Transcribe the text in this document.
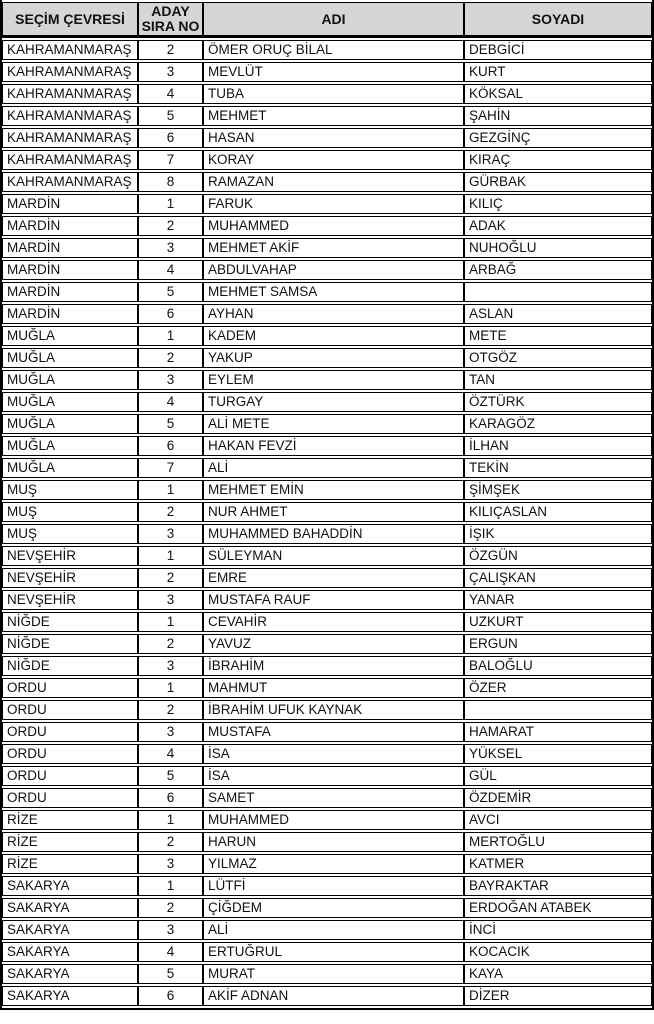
SEÇİM ÇEVRESİ	ADAY SIRA NO	ADI	SOYADI
KAHRAMANMARAŞ	2	ÖMER ORUÇ BİLAL	DEBGİCİ
KAHRAMANMARAŞ	3	MEVLÜT	KURT
KAHRAMANMARAŞ	4	TUBA	KÖKSAL
KAHRAMANMARAŞ	5	MEHMET	ŞAHİN
KAHRAMANMARAŞ	6	HASAN	GEZGİNÇ
KAHRAMANMARAŞ	7	KORAY	KIRAÇ
KAHRAMANMARAŞ	8	RAMAZAN	GÜRBAK
MARDİN	1	FARUK	KILIÇ
MARDİN	2	MUHAMMED	ADAK
MARDİN	3	MEHMET AKİF	NUHOĞLU
MARDİN	4	ABDULVAHAP	ARBAĞ
MARDİN	5	MEHMET SAMSA	
MARDİN	6	AYHAN	ASLAN
MUĞLA	1	KADEM	METE
MUĞLA	2	YAKUP	OTGÖZ
MUĞLA	3	EYLEM	TAN
MUĞLA	4	TURGAY	ÖZTÜRK
MUĞLA	5	ALİ METE	KARAGÖZ
MUĞLA	6	HAKAN FEVZİ	İLHAN
MUĞLA	7	ALİ	TEKİN
MUŞ	1	MEHMET EMİN	ŞİMŞEK
MUŞ	2	NUR AHMET	KILIÇASLAN
MUŞ	3	MUHAMMED BAHADDİN	İŞIK
NEVŞEHİR	1	SÜLEYMAN	ÖZGÜN
NEVŞEHİR	2	EMRE	ÇALIŞKAN
NEVŞEHİR	3	MUSTAFA RAUF	YANAR
NİĞDE	1	CEVAHİR	UZKURT
NİĞDE	2	YAVUZ	ERGUN
NİĞDE	3	İBRAHİM	BALOĞLU
ORDU	1	MAHMUT	ÖZER
ORDU	2	İBRAHİM UFUK KAYNAK	
ORDU	3	MUSTAFA	HAMARAT
ORDU	4	İSA	YÜKSEL
ORDU	5	İSA	GÜL
ORDU	6	SAMET	ÖZDEMİR
RİZE	1	MUHAMMED	AVCI
RİZE	2	HARUN	MERTOĞLU
RİZE	3	YILMAZ	KATMER
SAKARYA	1	LÜTFİ	BAYRAKTAR
SAKARYA	2	ÇİĞDEM	ERDOĞAN ATABEK
SAKARYA	3	ALİ	İNCİ
SAKARYA	4	ERTUĞRUL	KOCACIK
SAKARYA	5	MURAT	KAYA
SAKARYA	6	AKİF ADNAN	DİZER
